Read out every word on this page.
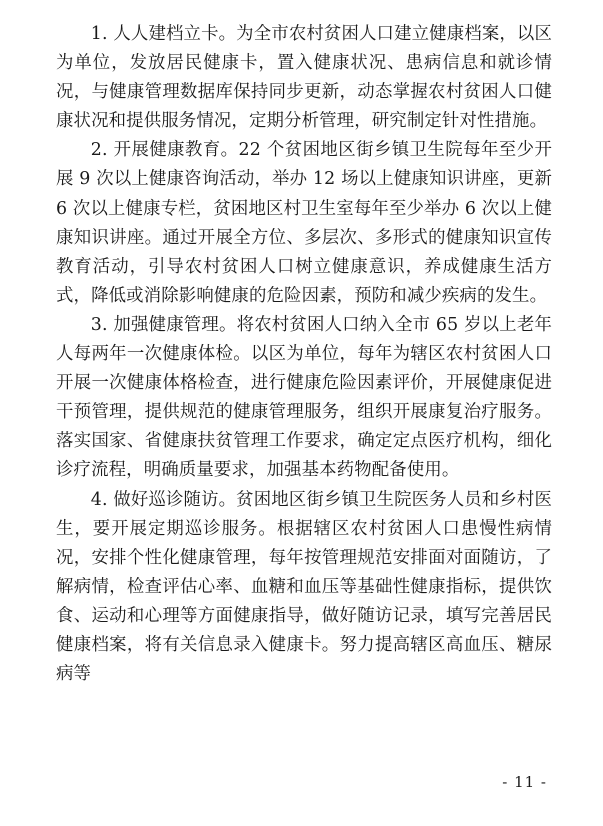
1. 人人建档立卡。为全市农村贫困人口建立健康档案，以区为单位，发放居民健康卡，置入健康状况、患病信息和就诊情况，与健康管理数据库保持同步更新，动态掌握农村贫困人口健康状况和提供服务情况，定期分析管理，研究制定针对性措施。

2. 开展健康教育。22 个贫困地区街乡镇卫生院每年至少开展 9 次以上健康咨询活动，举办 12 场以上健康知识讲座，更新 6 次以上健康专栏，贫困地区村卫生室每年至少举办 6 次以上健康知识讲座。通过开展全方位、多层次、多形式的健康知识宣传教育活动，引导农村贫困人口树立健康意识，养成健康生活方式，降低或消除影响健康的危险因素，预防和减少疾病的发生。

3. 加强健康管理。将农村贫困人口纳入全市 65 岁以上老年人每两年一次健康体检。以区为单位，每年为辖区农村贫困人口开展一次健康体格检查，进行健康危险因素评价，开展健康促进干预管理，提供规范的健康管理服务，组织开展康复治疗服务。落实国家、省健康扶贫管理工作要求，确定定点医疗机构，细化诊疗流程，明确质量要求，加强基本药物配备使用。

4. 做好巡诊随访。贫困地区街乡镇卫生院医务人员和乡村医生，要开展定期巡诊服务。根据辖区农村贫困人口患慢性病情况，安排个性化健康管理，每年按管理规范安排面对面随访，了解病情，检查评估心率、血糖和血压等基础性健康指标，提供饮食、运动和心理等方面健康指导，做好随访记录，填写完善居民健康档案，将有关信息录入健康卡。努力提高辖区高血压、糖尿病等

- 11 -
